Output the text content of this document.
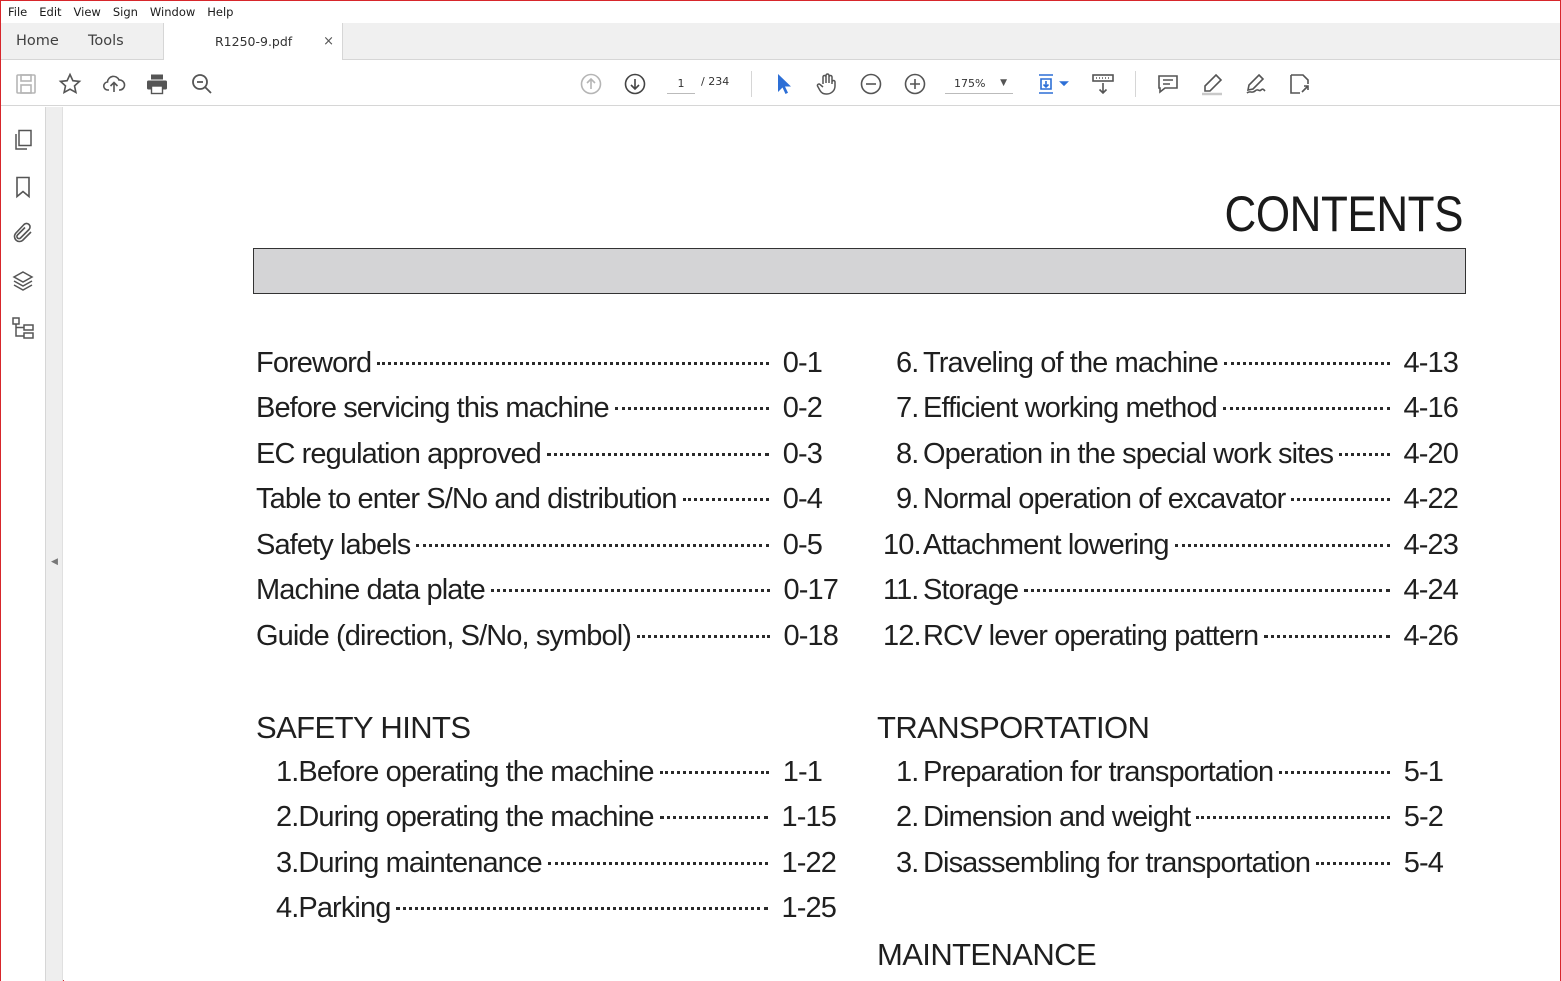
File Edit View Sign Window Help
Home	Tools	R1250-9.pdf ×
1	/ 234	175% ▼
◀
CONTENTS
Foreword	0-1
Before servicing this machine	0-2
EC regulation approved	0-3
Table to enter S/No and distribution	0-4
Safety labels	0-5
Machine data plate	0-17
Guide (direction, S/No, symbol)	0-18
SAFETY HINTS
1. Before operating the machine	1-1
2. During operating the machine	1-15
3. During maintenance	1-22
4. Parking	1-25
6. Traveling of the machine	4-13
7. Efficient working method	4-16
8. Operation in the special work sites 4-20
9. Normal operation of excavator	4-22
10. Attachment lowering	4-23
11. Storage	4-24
12. RCV lever operating pattern	4-26
TRANSPORTATION
1. Preparation for transportation	5-1
2. Dimension and weight	5-2
3. Disassembling for transportation	5-4
MAINTENANCE
